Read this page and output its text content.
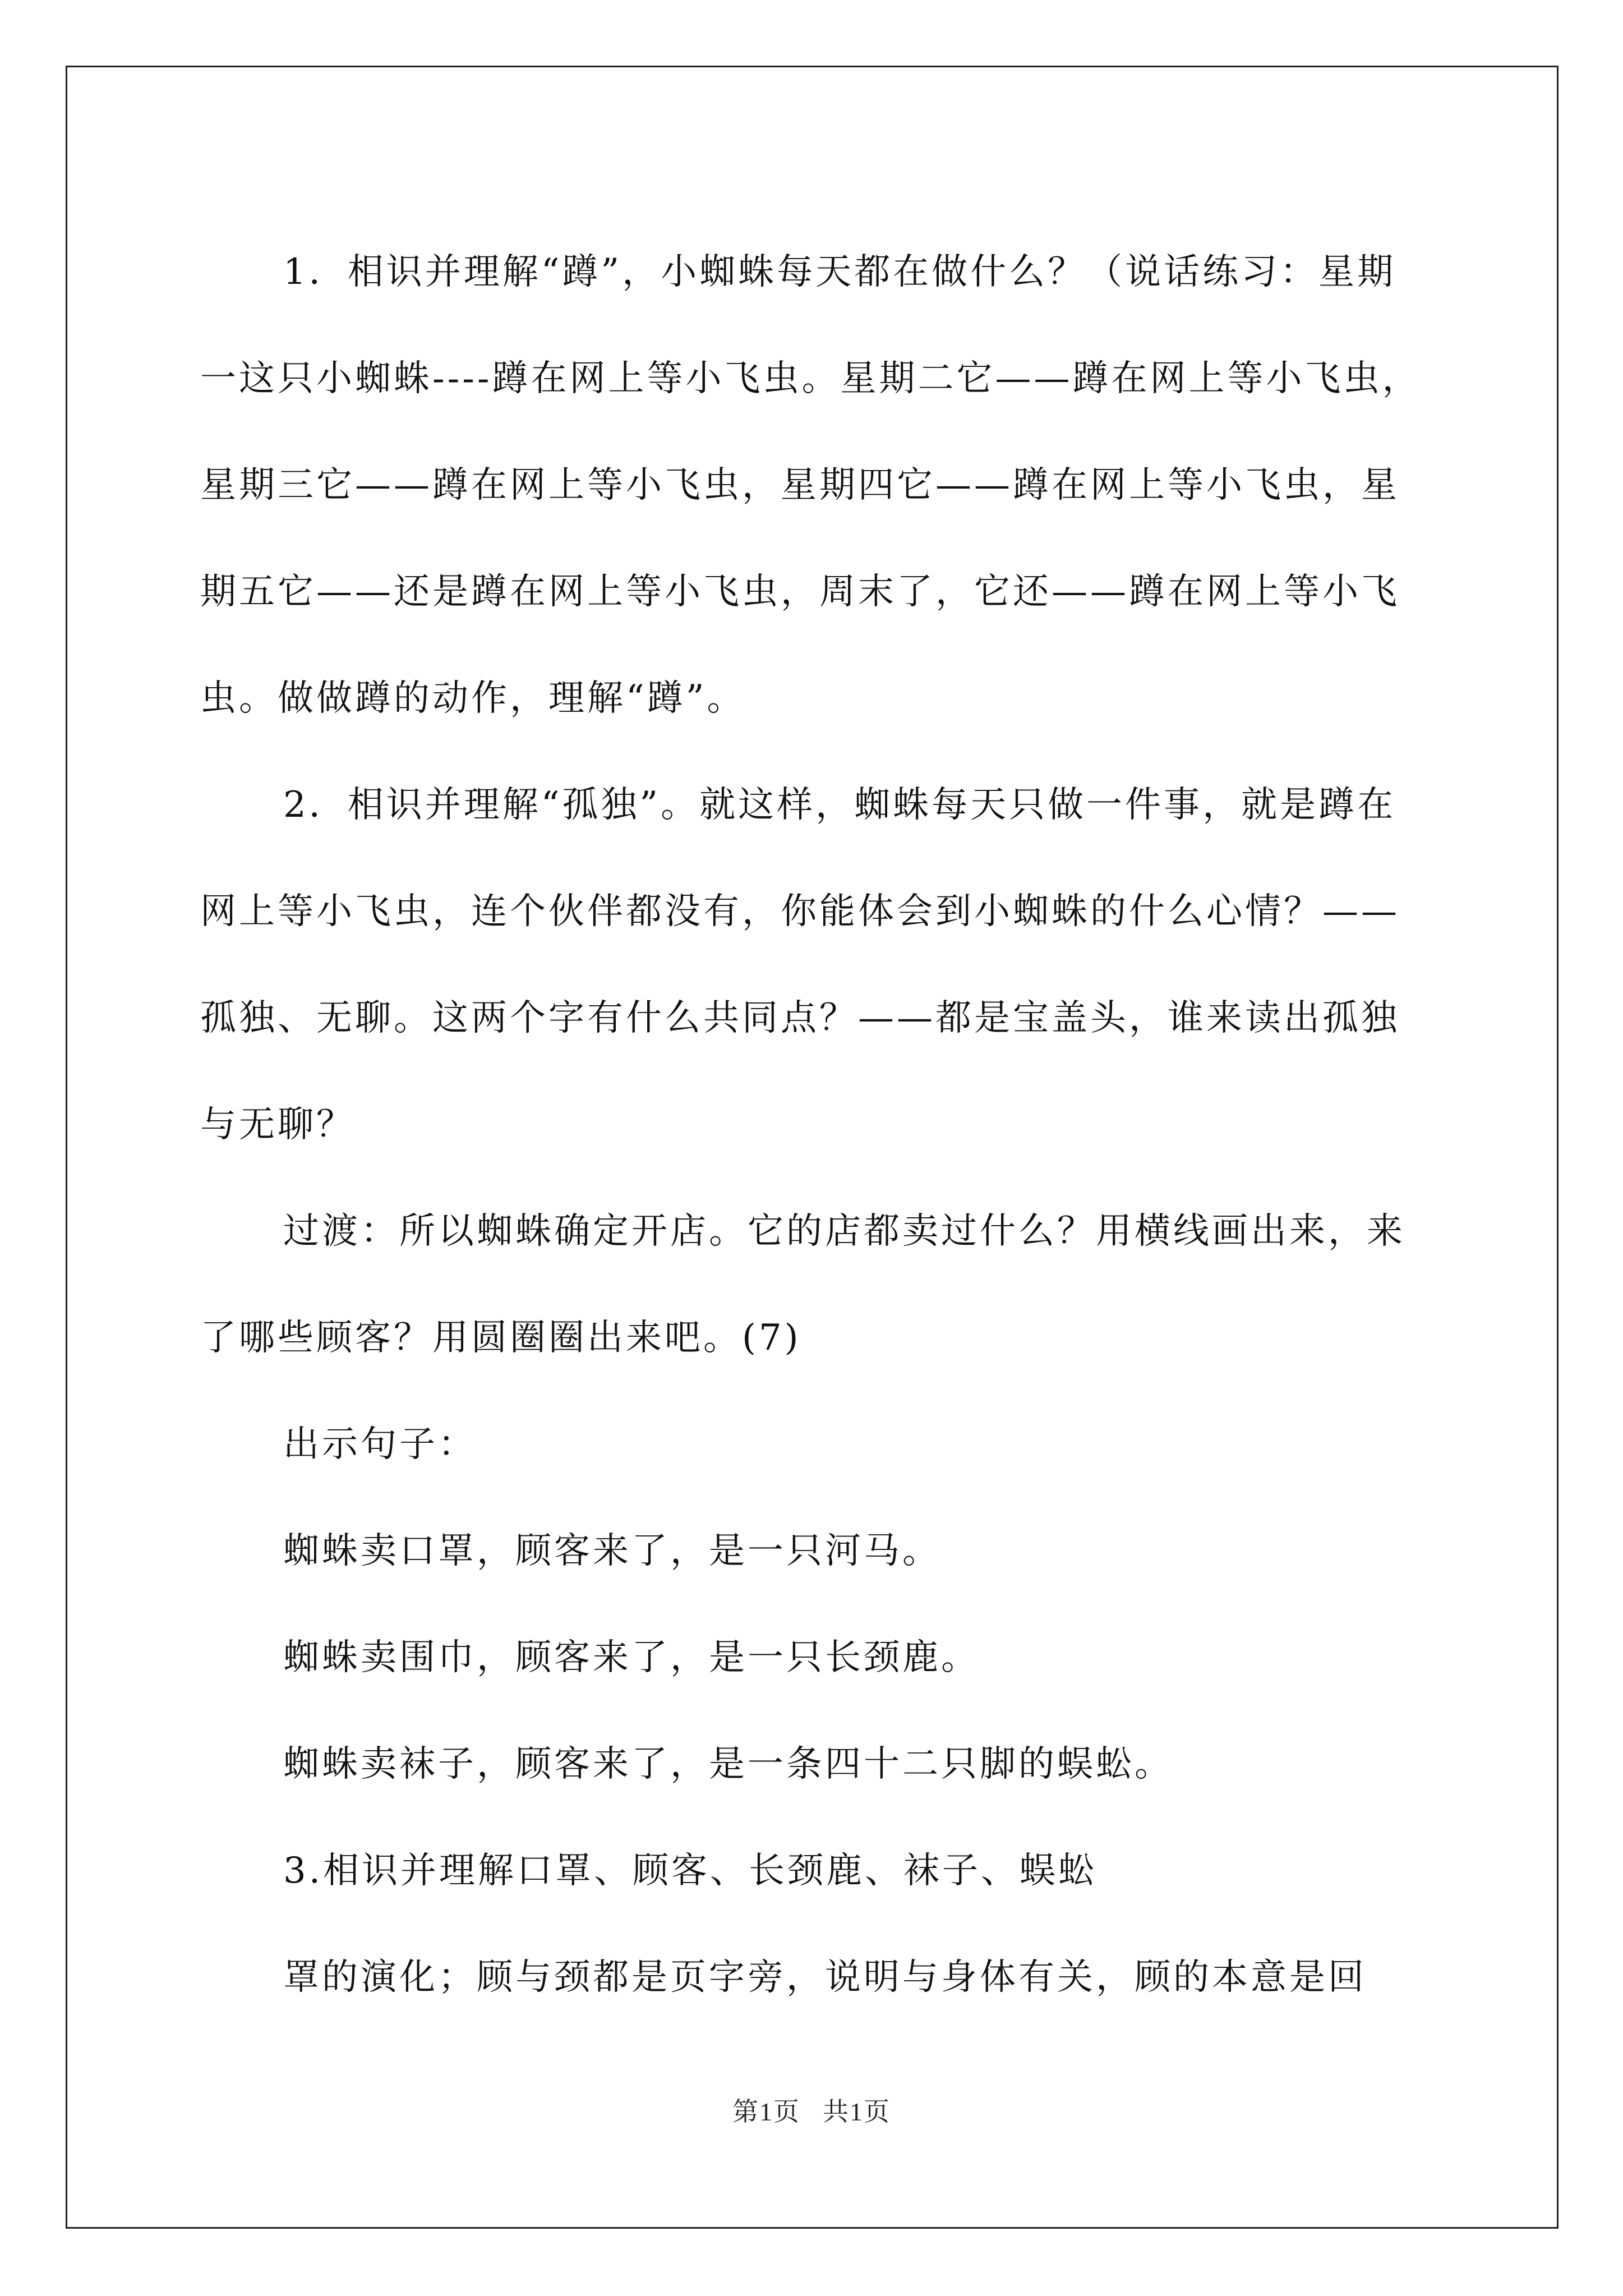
1．相识并理解“蹲”，小蜘蛛每天都在做什么？（说话练习：星期一这只小蜘蛛----蹲在网上等小飞虫。星期二它——蹲在网上等小飞虫，星期三它——蹲在网上等小飞虫，星期四它——蹲在网上等小飞虫，星期五它——还是蹲在网上等小飞虫，周末了，它还——蹲在网上等小飞虫。做做蹲的动作，理解“蹲”。

2．相识并理解“孤独”。就这样，蜘蛛每天只做一件事，就是蹲在网上等小飞虫，连个伙伴都没有，你能体会到小蜘蛛的什么心情？——孤独、无聊。这两个字有什么共同点？——都是宝盖头，谁来读出孤独与无聊？

过渡：所以蜘蛛确定开店。它的店都卖过什么？用横线画出来，来了哪些顾客？用圆圈圈出来吧。(7)

出示句子：

蜘蛛卖口罩，顾客来了，是一只河马。

蜘蛛卖围巾，顾客来了，是一只长颈鹿。

蜘蛛卖袜子，顾客来了，是一条四十二只脚的蜈蚣。

3.相识并理解口罩、顾客、长颈鹿、袜子、蜈蚣

罩的演化；顾与颈都是页字旁，说明与身体有关，顾的本意是回

第1页 共1页
